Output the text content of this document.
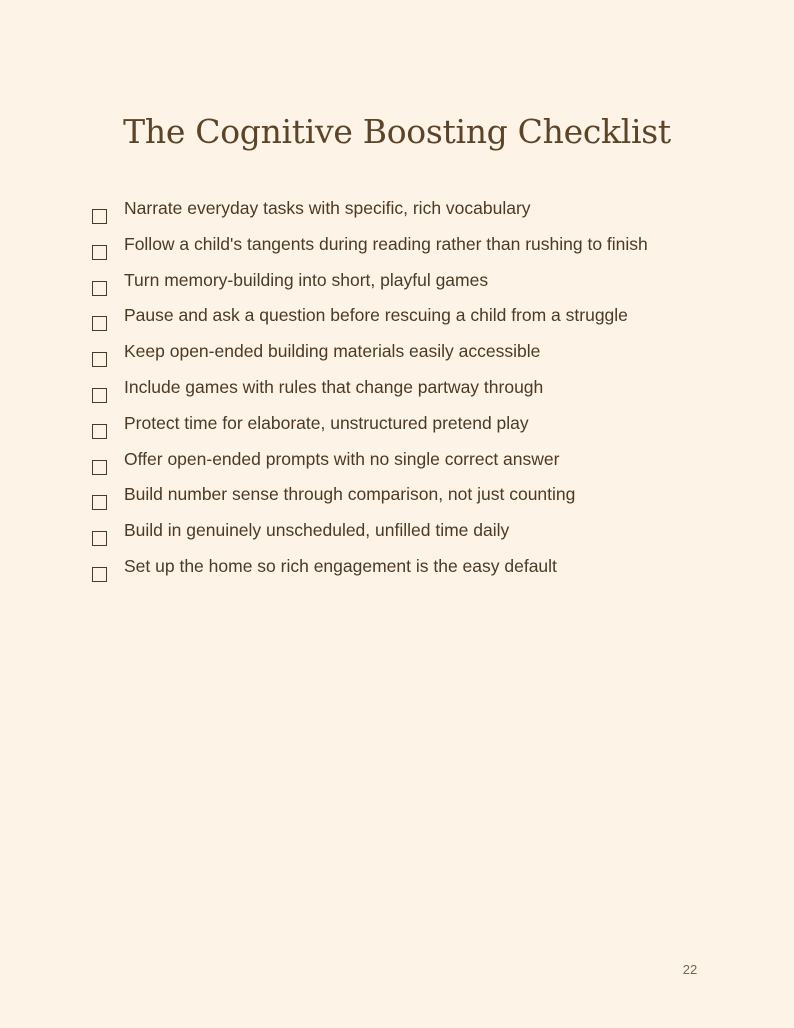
The Cognitive Boosting Checklist
Narrate everyday tasks with specific, rich vocabulary
Follow a child's tangents during reading rather than rushing to finish
Turn memory-building into short, playful games
Pause and ask a question before rescuing a child from a struggle
Keep open-ended building materials easily accessible
Include games with rules that change partway through
Protect time for elaborate, unstructured pretend play
Offer open-ended prompts with no single correct answer
Build number sense through comparison, not just counting
Build in genuinely unscheduled, unfilled time daily
Set up the home so rich engagement is the easy default
22
